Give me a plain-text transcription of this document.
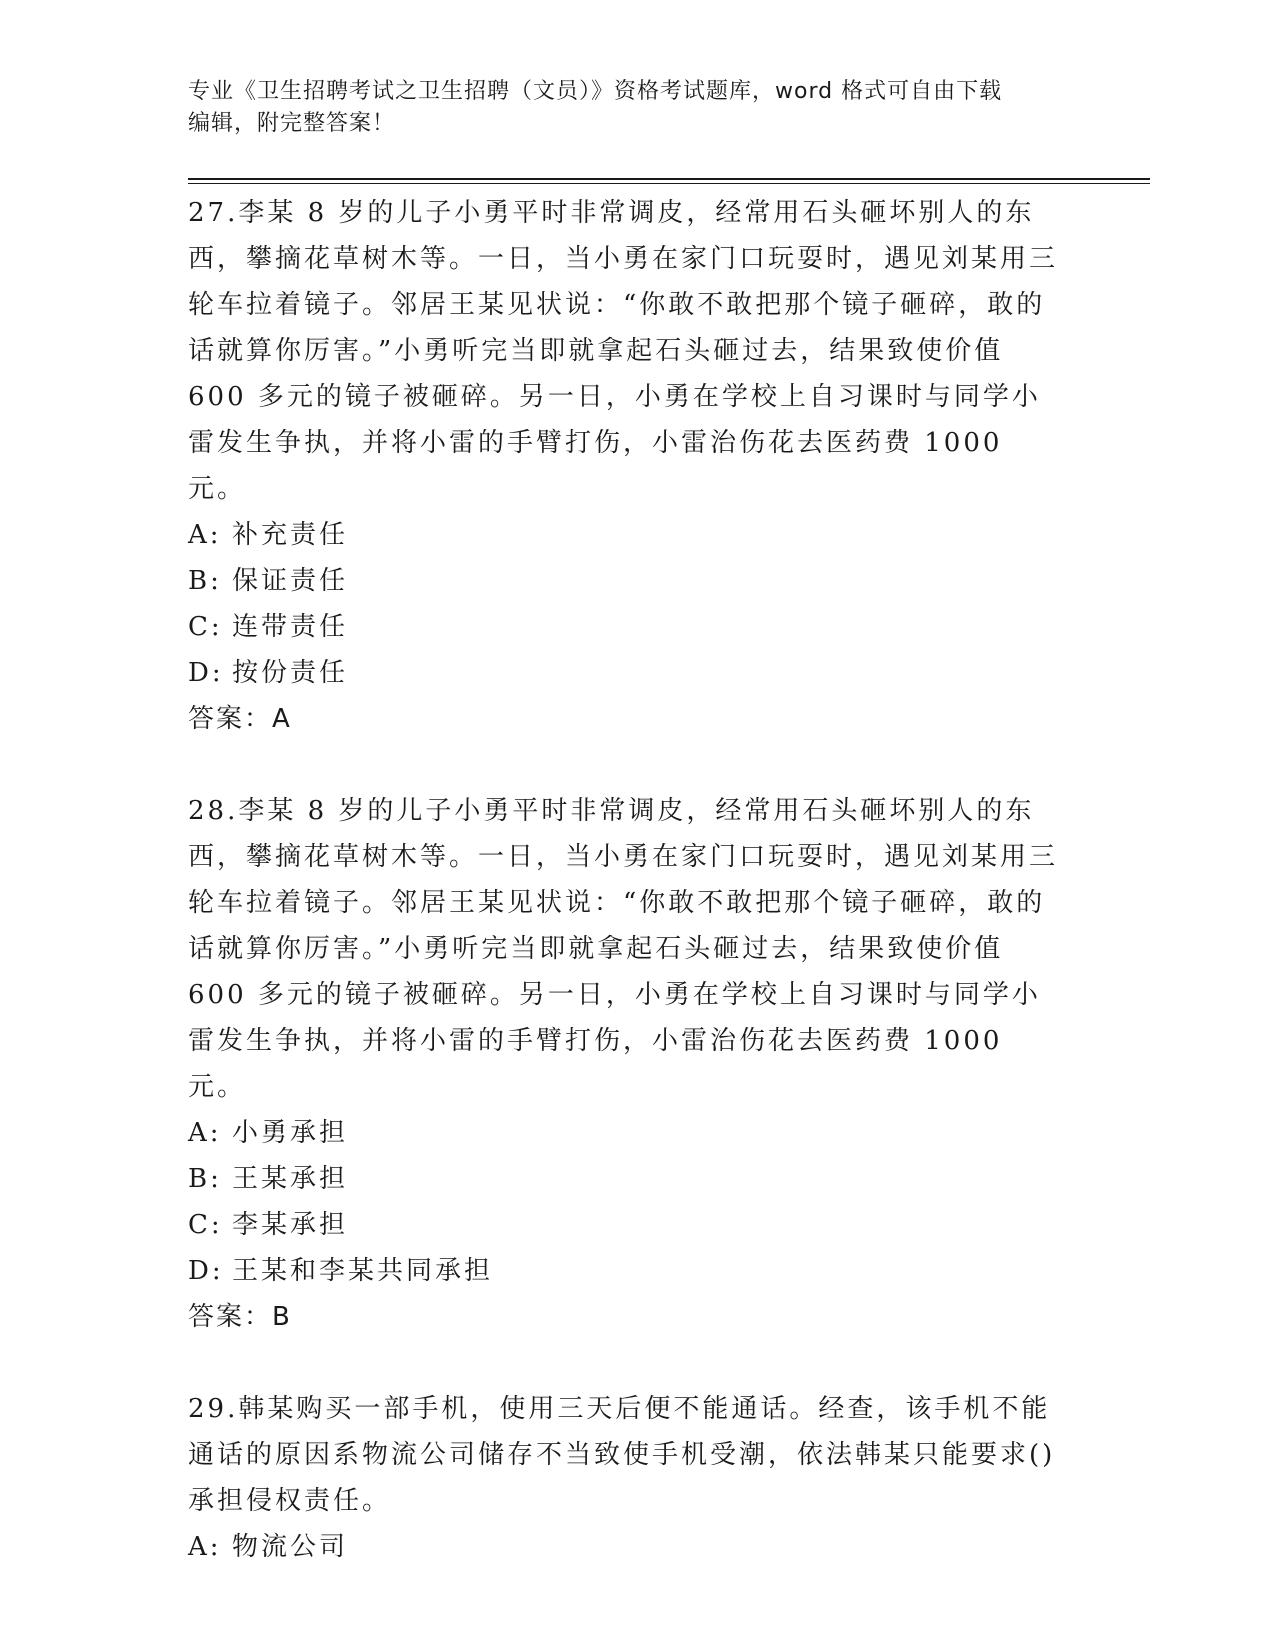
专业《卫生招聘考试之卫生招聘（文员）》资格考试题库，word 格式可自由下载
编辑，附完整答案！

27.李某 8 岁的儿子小勇平时非常调皮，经常用石头砸坏别人的东西，攀摘花草树木等。一日，当小勇在家门口玩耍时，遇见刘某用三轮车拉着镜子。邻居王某见状说：“你敢不敢把那个镜子砸碎，敢的话就算你厉害。”小勇听完当即就拿起石头砸过去，结果致使价值 600 多元的镜子被砸碎。另一日，小勇在学校上自习课时与同学小雷发生争执，并将小雷的手臂打伤，小雷治伤花去医药费 1000 元。

A: 补充责任

B: 保证责任

C: 连带责任

D: 按份责任

答案：A

28.李某 8 岁的儿子小勇平时非常调皮，经常用石头砸坏别人的东西，攀摘花草树木等。一日，当小勇在家门口玩耍时，遇见刘某用三轮车拉着镜子。邻居王某见状说：“你敢不敢把那个镜子砸碎，敢的话就算你厉害。”小勇听完当即就拿起石头砸过去，结果致使价值 600 多元的镜子被砸碎。另一日，小勇在学校上自习课时与同学小雷发生争执，并将小雷的手臂打伤，小雷治伤花去医药费 1000 元。

A: 小勇承担

B: 王某承担

C: 李某承担

D: 王某和李某共同承担

答案：B

29.韩某购买一部手机，使用三天后便不能通话。经查，该手机不能通话的原因系物流公司储存不当致使手机受潮，依法韩某只能要求()承担侵权责任。

A: 物流公司
